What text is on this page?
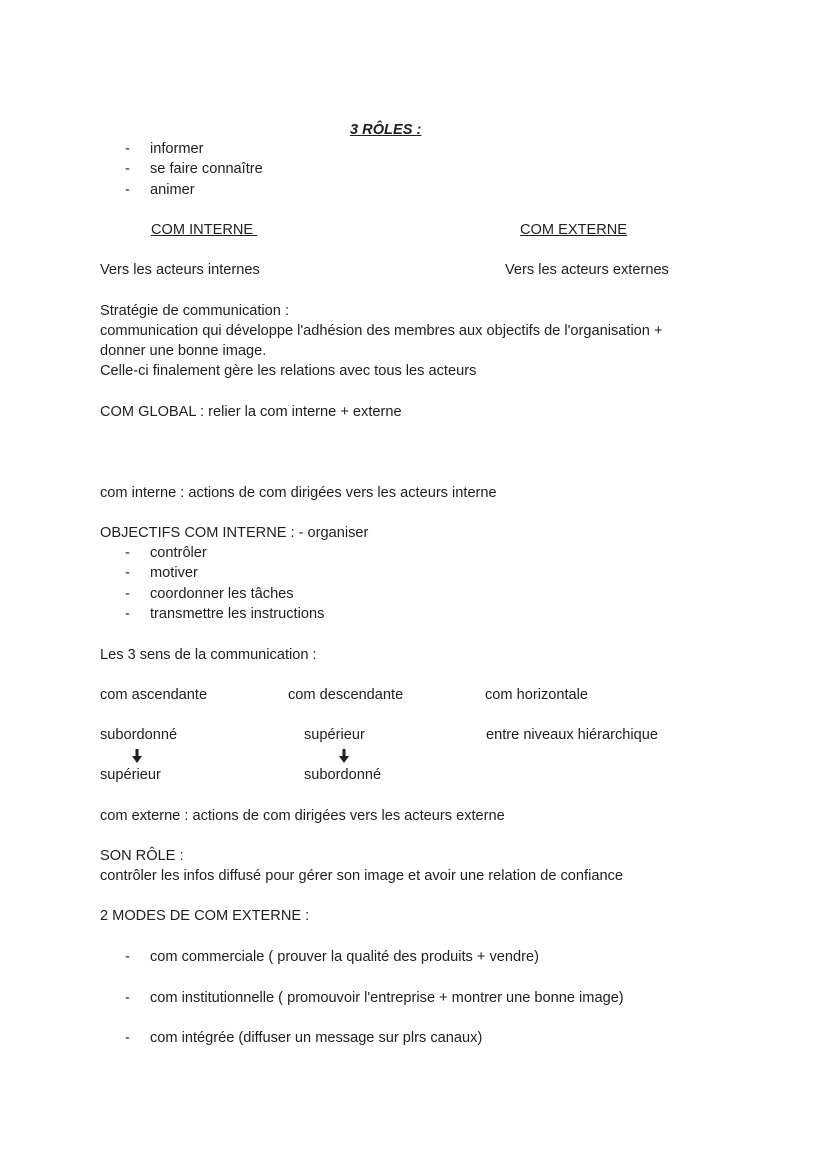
3 RÔLES :
- informer
- se faire connaître
- animer
COM INTERNE	COM EXTERNE
Vers les acteurs internes	Vers les acteurs externes
Stratégie de communication :
communication qui développe l'adhésion des membres aux objectifs de l'organisation +
donner une bonne image.
Celle-ci finalement gère les relations avec tous les acteurs
COM GLOBAL : relier la com interne + externe
com interne : actions de com dirigées vers les acteurs interne
OBJECTIFS COM INTERNE : - organiser
- contrôler
- motiver
- coordonner les tâches
- transmettre les instructions
Les 3 sens de la communication :
com ascendante	com descendante	com horizontale
subordonné	supérieur	entre niveaux hiérarchique
supérieur	subordonné
com externe : actions de com dirigées vers les acteurs externe
SON RÔLE :
contrôler les infos diffusé pour gérer son image et avoir une relation de confiance
2 MODES DE COM EXTERNE :
- com commerciale ( prouver la qualité des produits + vendre)
- com institutionnelle ( promouvoir l'entreprise + montrer une bonne image)
- com intégrée (diffuser un message sur plrs canaux)
